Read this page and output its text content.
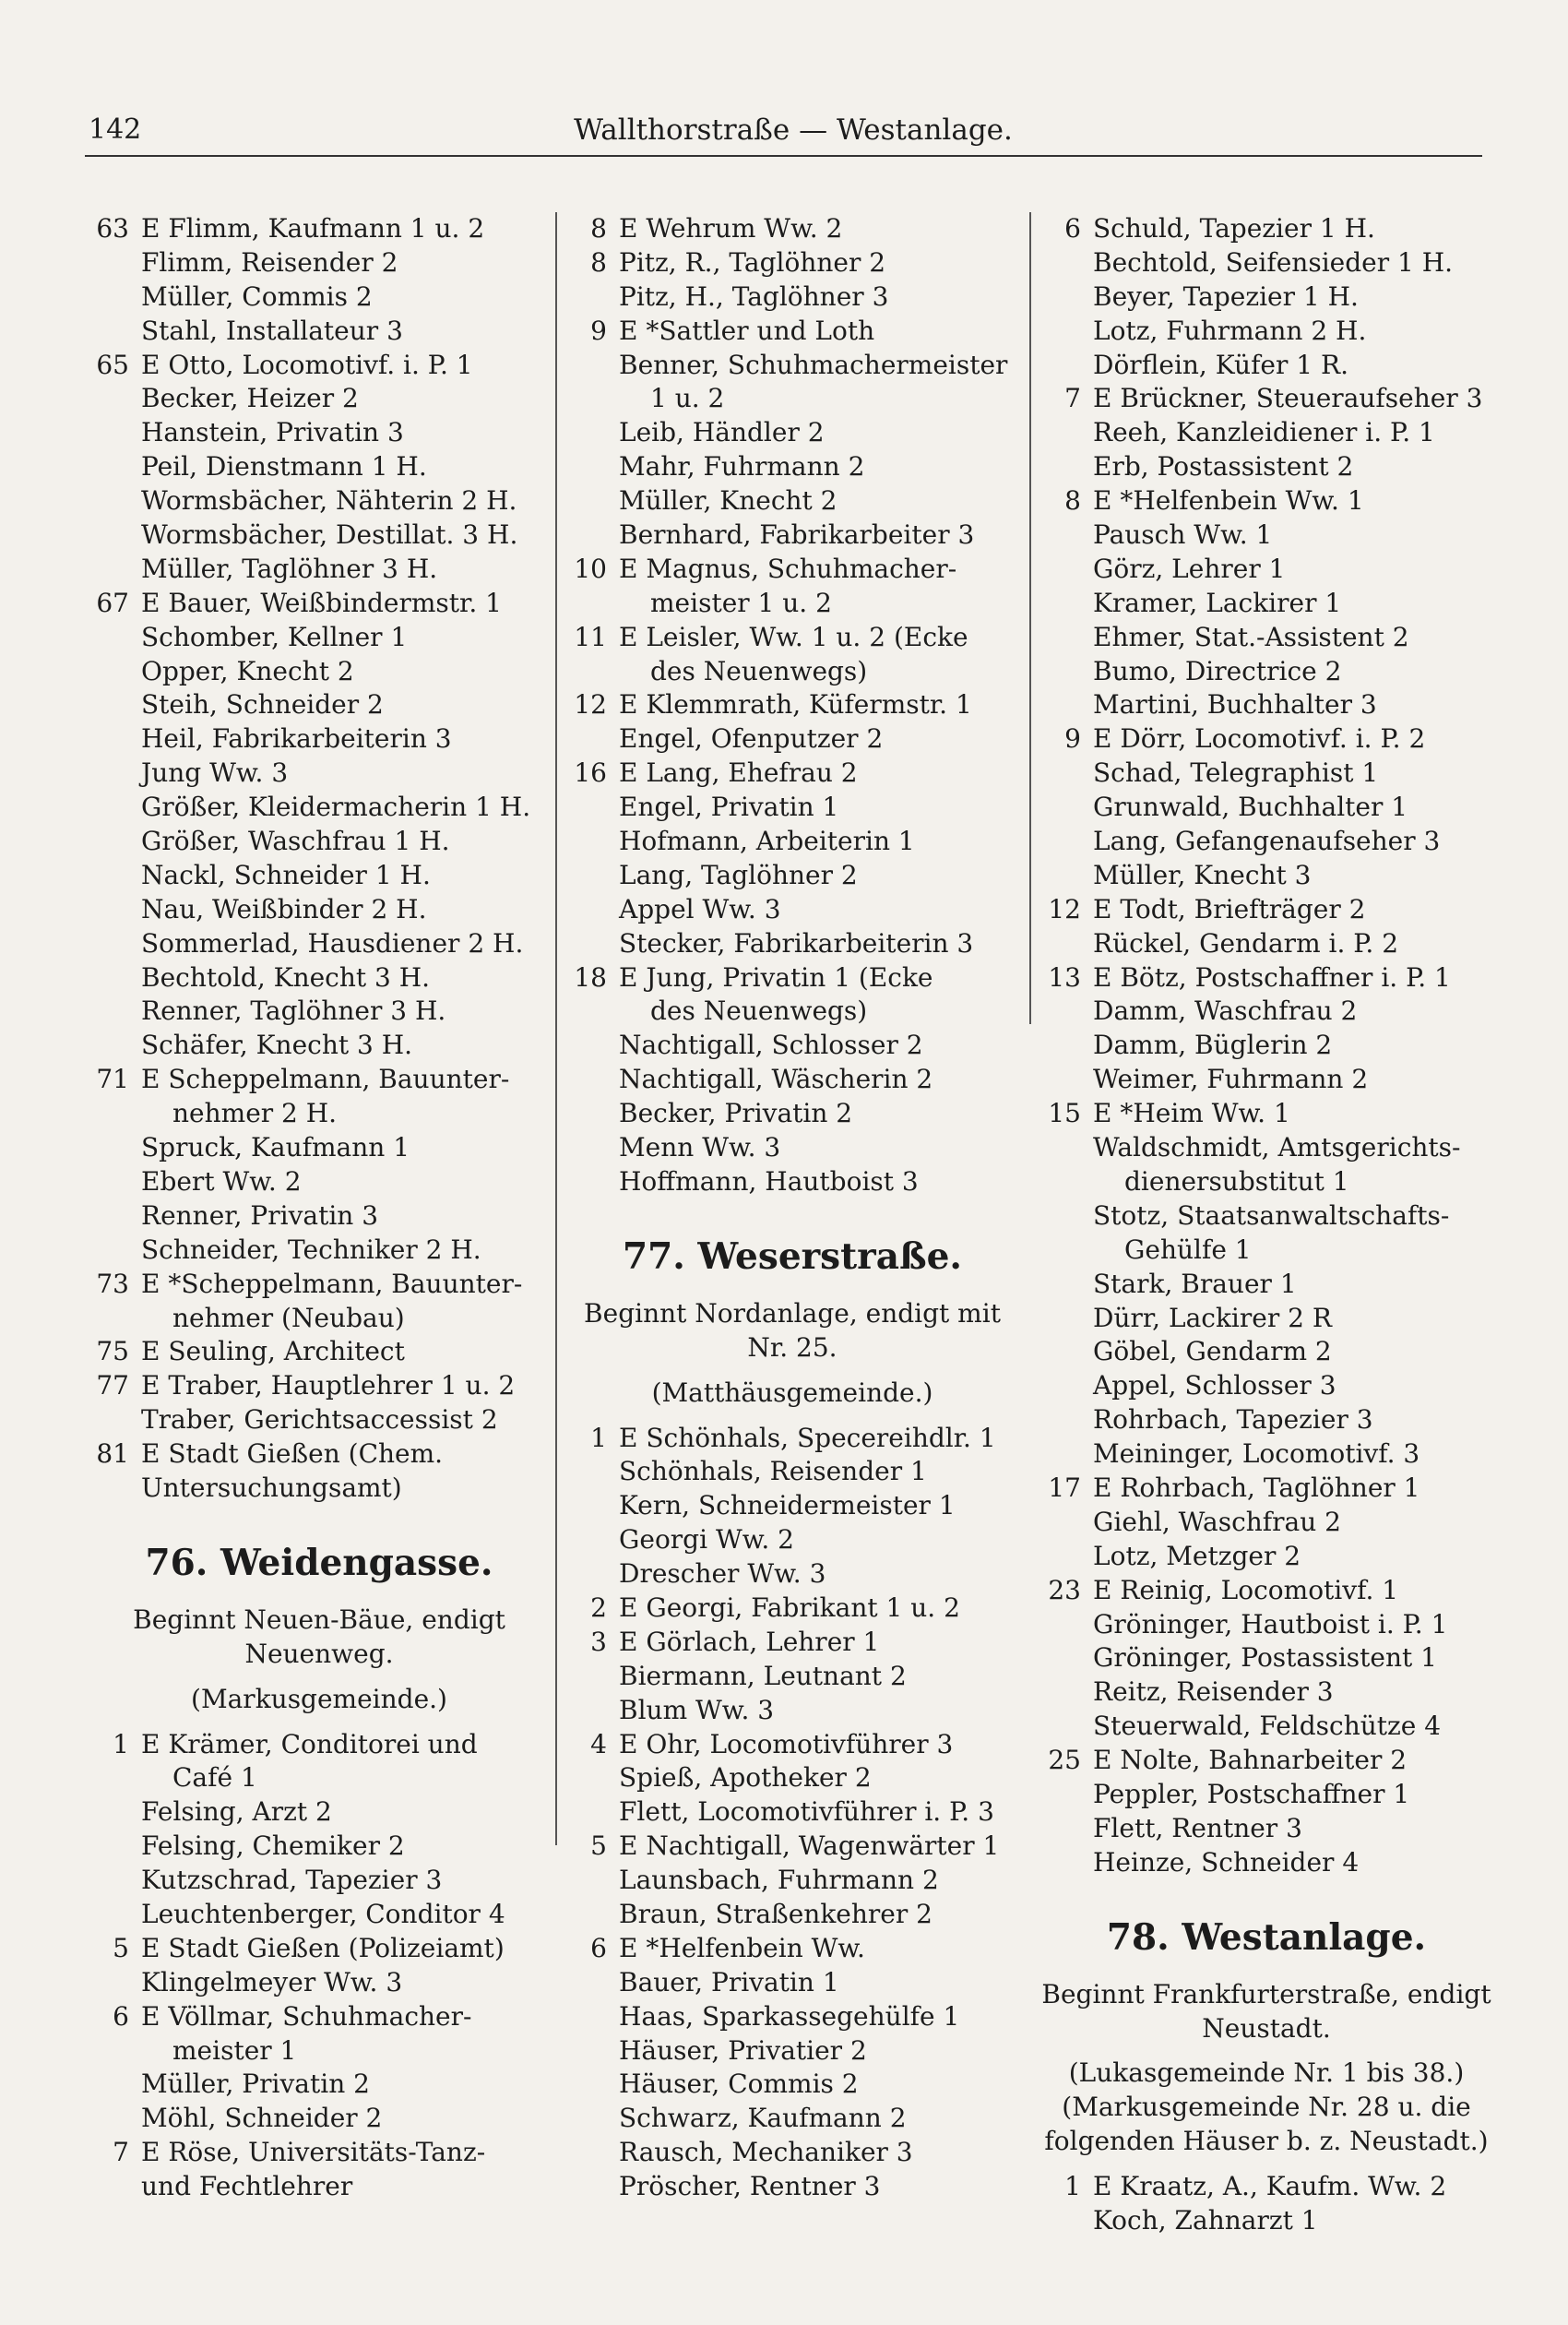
142	Wallthorstraße — Westanlage.
63 E Flimm, Kaufmann 1 u. 2
Flimm, Reisender 2
Müller, Commis 2
Stahl, Installateur 3
65 E Otto, Locomotivf. i. P. 1
Becker, Heizer 2
Hanstein, Privatin 3
Peil, Dienstmann 1 H.
Wormsbächer, Nähterin 2 H.
Wormsbächer, Destillat. 3 H.
Müller, Taglöhner 3 H.
67 E Bauer, Weißbindermstr. 1
Schomber, Kellner 1
Opper, Knecht 2
Steih, Schneider 2
Heil, Fabrikarbeiterin 3
Jung Ww. 3
Größer, Kleidermacherin 1 H.
Größer, Waschfrau 1 H.
Nackl, Schneider 1 H.
Nau, Weißbinder 2 H.
Sommerlad, Hausdiener 2 H.
Bechtold, Knecht 3 H.
Renner, Taglöhner 3 H.
Schäfer, Knecht 3 H.
71 E Scheppelmann, Bauunter-
nehmer 2 H.
Spruck, Kaufmann 1
Ebert Ww. 2
Renner, Privatin 3
Schneider, Techniker 2 H.
73 E *Scheppelmann, Bauunter-
nehmer (Neubau)
75 E Seuling, Architect
77 E Traber, Hauptlehrer 1 u. 2
Traber, Gerichtsaccessist 2
81 E Stadt Gießen (Chem.
Untersuchungsamt)
76. Weidengasse.
Beginnt Neuen-Bäue, endigt
Neuenweg.
(Markusgemeinde.)
1 E Krämer, Conditorei und
Café 1
Felsing, Arzt 2
Felsing, Chemiker 2
Kutzschrad, Tapezier 3
Leuchtenberger, Conditor 4
5 E Stadt Gießen (Polizeiamt)
Klingelmeyer Ww. 3
6 E Völlmar, Schuhmacher-
meister 1
Müller, Privatin 2
Möhl, Schneider 2
7 E Röse, Universitäts-Tanz-
und Fechtlehrer
8 E Wehrum Ww. 2
8 Pitz, R., Taglöhner 2
Pitz, H., Taglöhner 3
9 E *Sattler und Loth
Benner, Schuhmachermeister
1 u. 2
Leib, Händler 2
Mahr, Fuhrmann 2
Müller, Knecht 2
Bernhard, Fabrikarbeiter 3
10 E Magnus, Schuhmacher-
meister 1 u. 2
11 E Leisler, Ww. 1 u. 2 (Ecke
des Neuenwegs)
12 E Klemmrath, Küfermstr. 1
Engel, Ofenputzer 2
16 E Lang, Ehefrau 2
Engel, Privatin 1
Hofmann, Arbeiterin 1
Lang, Taglöhner 2
Appel Ww. 3
Stecker, Fabrikarbeiterin 3
18 E Jung, Privatin 1 (Ecke
des Neuenwegs)
Nachtigall, Schlosser 2
Nachtigall, Wäscherin 2
Becker, Privatin 2
Menn Ww. 3
Hoffmann, Hautboist 3
77. Weserstraße.
Beginnt Nordanlage, endigt mit
Nr. 25.
(Matthäusgemeinde.)
1 E Schönhals, Specereihdlr. 1
Schönhals, Reisender 1
Kern, Schneidermeister 1
Georgi Ww. 2
Drescher Ww. 3
2 E Georgi, Fabrikant 1 u. 2
3 E Görlach, Lehrer 1
Biermann, Leutnant 2
Blum Ww. 3
4 E Ohr, Locomotivführer 3
Spieß, Apotheker 2
Flett, Locomotivführer i. P. 3
5 E Nachtigall, Wagenwärter 1
Launsbach, Fuhrmann 2
Braun, Straßenkehrer 2
6 E *Helfenbein Ww.
Bauer, Privatin 1
Haas, Sparkassegehülfe 1
Häuser, Privatier 2
Häuser, Commis 2
Schwarz, Kaufmann 2
Rausch, Mechaniker 3
Pröscher, Rentner 3
6 Schuld, Tapezier 1 H.
Bechtold, Seifensieder 1 H.
Beyer, Tapezier 1 H.
Lotz, Fuhrmann 2 H.
Dörflein, Küfer 1 R.
7 E Brückner, Steueraufseher 3
Reeh, Kanzleidiener i. P. 1
Erb, Postassistent 2
8 E *Helfenbein Ww. 1
Pausch Ww. 1
Görz, Lehrer 1
Kramer, Lackirer 1
Ehmer, Stat.-Assistent 2
Bumo, Directrice 2
Martini, Buchhalter 3
9 E Dörr, Locomotivf. i. P. 2
Schad, Telegraphist 1
Grunwald, Buchhalter 1
Lang, Gefangenaufseher 3
Müller, Knecht 3
12 E Todt, Briefträger 2
Rückel, Gendarm i. P. 2
13 E Bötz, Postschaffner i. P. 1
Damm, Waschfrau 2
Damm, Büglerin 2
Weimer, Fuhrmann 2
15 E *Heim Ww. 1
Waldschmidt, Amtsgerichts-
dienersubstitut 1
Stotz, Staatsanwaltschafts-
Gehülfe 1
Stark, Brauer 1
Dürr, Lackirer 2 R
Göbel, Gendarm 2
Appel, Schlosser 3
Rohrbach, Tapezier 3
Meininger, Locomotivf. 3
17 E Rohrbach, Taglöhner 1
Giehl, Waschfrau 2
Lotz, Metzger 2
23 E Reinig, Locomotivf. 1
Gröninger, Hautboist i. P. 1
Gröninger, Postassistent 1
Reitz, Reisender 3
Steuerwald, Feldschütze 4
25 E Nolte, Bahnarbeiter 2
Peppler, Postschaffner 1
Flett, Rentner 3
Heinze, Schneider 4
78. Westanlage.
Beginnt Frankfurterstraße, endigt
Neustadt.
(Lukasgemeinde Nr. 1 bis 38.)
(Markusgemeinde Nr. 28 u. die
folgenden Häuser b. z. Neustadt.)
1 E Kraatz, A., Kaufm. Ww. 2
Koch, Zahnarzt 1
